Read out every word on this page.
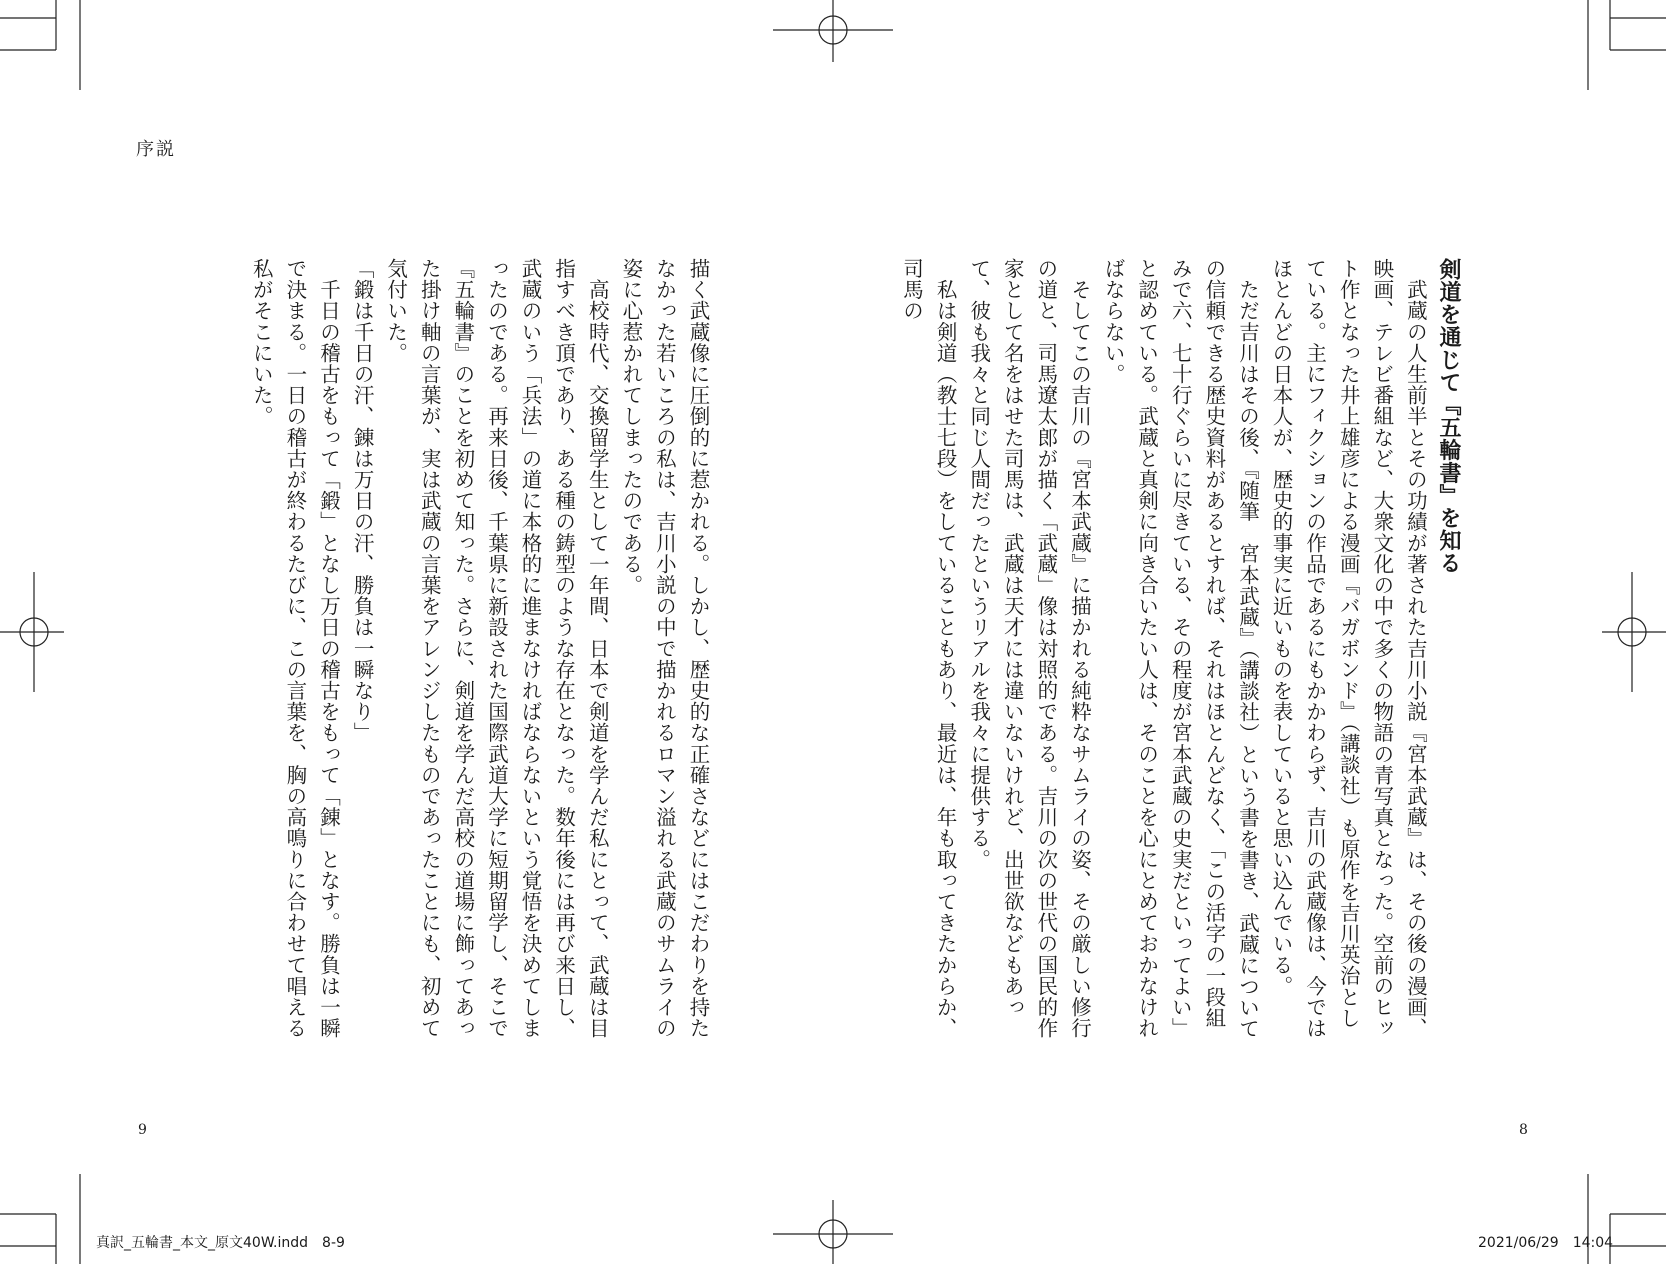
序説
剣道を通じて『五輪書』を知る

　武蔵の人生前半とその功績が著された吉川小説『宮本武蔵』は、その後の漫画、映画、テレビ番組など、大衆文化の中で多くの物語の青写真となった。空前のヒット作となった井上雄彦による漫画『バガボンド』（講談社）も原作を吉川英治としている。主にフィクションの作品であるにもかかわらず、吉川の武蔵像は、今ではほとんどの日本人が、歴史的事実に近いものを表していると思い込んでいる。

　ただ吉川はその後、『随筆　宮本武蔵』（講談社）という書を書き、武蔵についての信頼できる歴史資料があるとすれば、それはほとんどなく、「この活字の一段組みで六、七十行ぐらいに尽きている、その程度が宮本武蔵の史実だといってよい」と認めている。武蔵と真剣に向き合いたい人は、そのことを心にとめておかなければならない。

　そしてこの吉川の『宮本武蔵』に描かれる純粋なサムライの姿、その厳しい修行の道と、司馬遼太郎が描く「武蔵」像は対照的である。吉川の次の世代の国民的作家として名をはせた司馬は、武蔵は天才には違いないけれど、出世欲などもあって、彼も我々と同じ人間だったというリアルを我々に提供する。

　私は剣道（教士七段）をしていることもあり、最近は、年も取ってきたからか、司馬の

描く武蔵像に圧倒的に惹かれる。しかし、歴史的な正確さなどにはこだわりを持たなかった若いころの私は、吉川小説の中で描かれるロマン溢れる武蔵のサムライの姿に心惹かれてしまったのである。

　高校時代、交換留学生として一年間、日本で剣道を学んだ私にとって、武蔵は目指すべき頂であり、ある種の鋳型のような存在となった。数年後には再び来日し、武蔵のいう「兵法」の道に本格的に進まなければならないという覚悟を決めてしまったのである。再来日後、千葉県に新設された国際武道大学に短期留学し、そこで『五輪書』のことを初めて知った。さらに、剣道を学んだ高校の道場に飾ってあった掛け軸の言葉が、実は武蔵の言葉をアレンジしたものであったことにも、初めて気付いた。

「鍛は千日の汗、錬は万日の汗、勝負は一瞬なり」

　千日の稽古をもって「鍛」となし万日の稽古をもって「錬」となす。勝負は一瞬で決まる。一日の稽古が終わるたびに、この言葉を、胸の高鳴りに合わせて唱える私がそこにいた。

9	8
真訳_五輪書_本文_原文40W.indd　8-9	2021/06/29　14:04
